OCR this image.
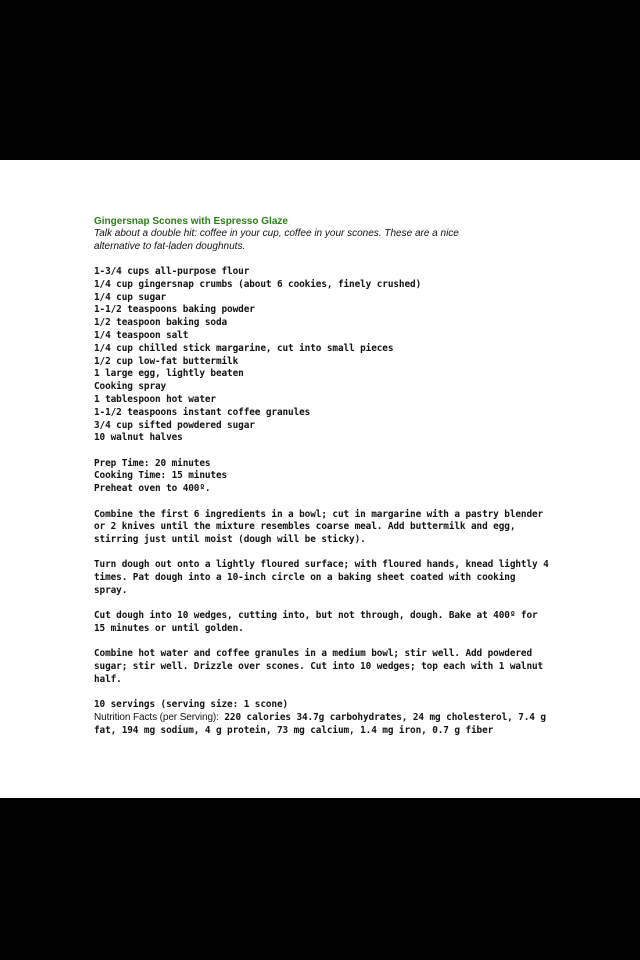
Gingersnap Scones with Espresso Glaze
Talk about a double hit: coffee in your cup, coffee in your scones. These are a nice alternative to fat-laden doughnuts.
1-3/4 cups all-purpose flour
1/4 cup gingersnap crumbs (about 6 cookies, finely crushed)
1/4 cup sugar
1-1/2 teaspoons baking powder
1/2 teaspoon baking soda
1/4 teaspoon salt
1/4 cup chilled stick margarine, cut into small pieces
1/2 cup low-fat buttermilk
1 large egg, lightly beaten
Cooking spray
1 tablespoon hot water
1-1/2 teaspoons instant coffee granules
3/4 cup sifted powdered sugar
10 walnut halves
Prep Time: 20 minutes
Cooking Time: 15 minutes
Preheat oven to 400º.
Combine the first 6 ingredients in a bowl; cut in margarine with a pastry blender or 2 knives until the mixture resembles coarse meal. Add buttermilk and egg, stirring just until moist (dough will be sticky).
Turn dough out onto a lightly floured surface; with floured hands, knead lightly 4 times. Pat dough into a 10-inch circle on a baking sheet coated with cooking spray.
Cut dough into 10 wedges, cutting into, but not through, dough. Bake at 400º for 15 minutes or until golden.
Combine hot water and coffee granules in a medium bowl; stir well. Add powdered sugar; stir well. Drizzle over scones. Cut into 10 wedges; top each with 1 walnut half.
10 servings (serving size: 1 scone)
Nutrition Facts (per Serving): 220 calories 34.7g carbohydrates, 24 mg cholesterol, 7.4 g fat, 194 mg sodium, 4 g protein, 73 mg calcium, 1.4 mg iron, 0.7 g fiber
